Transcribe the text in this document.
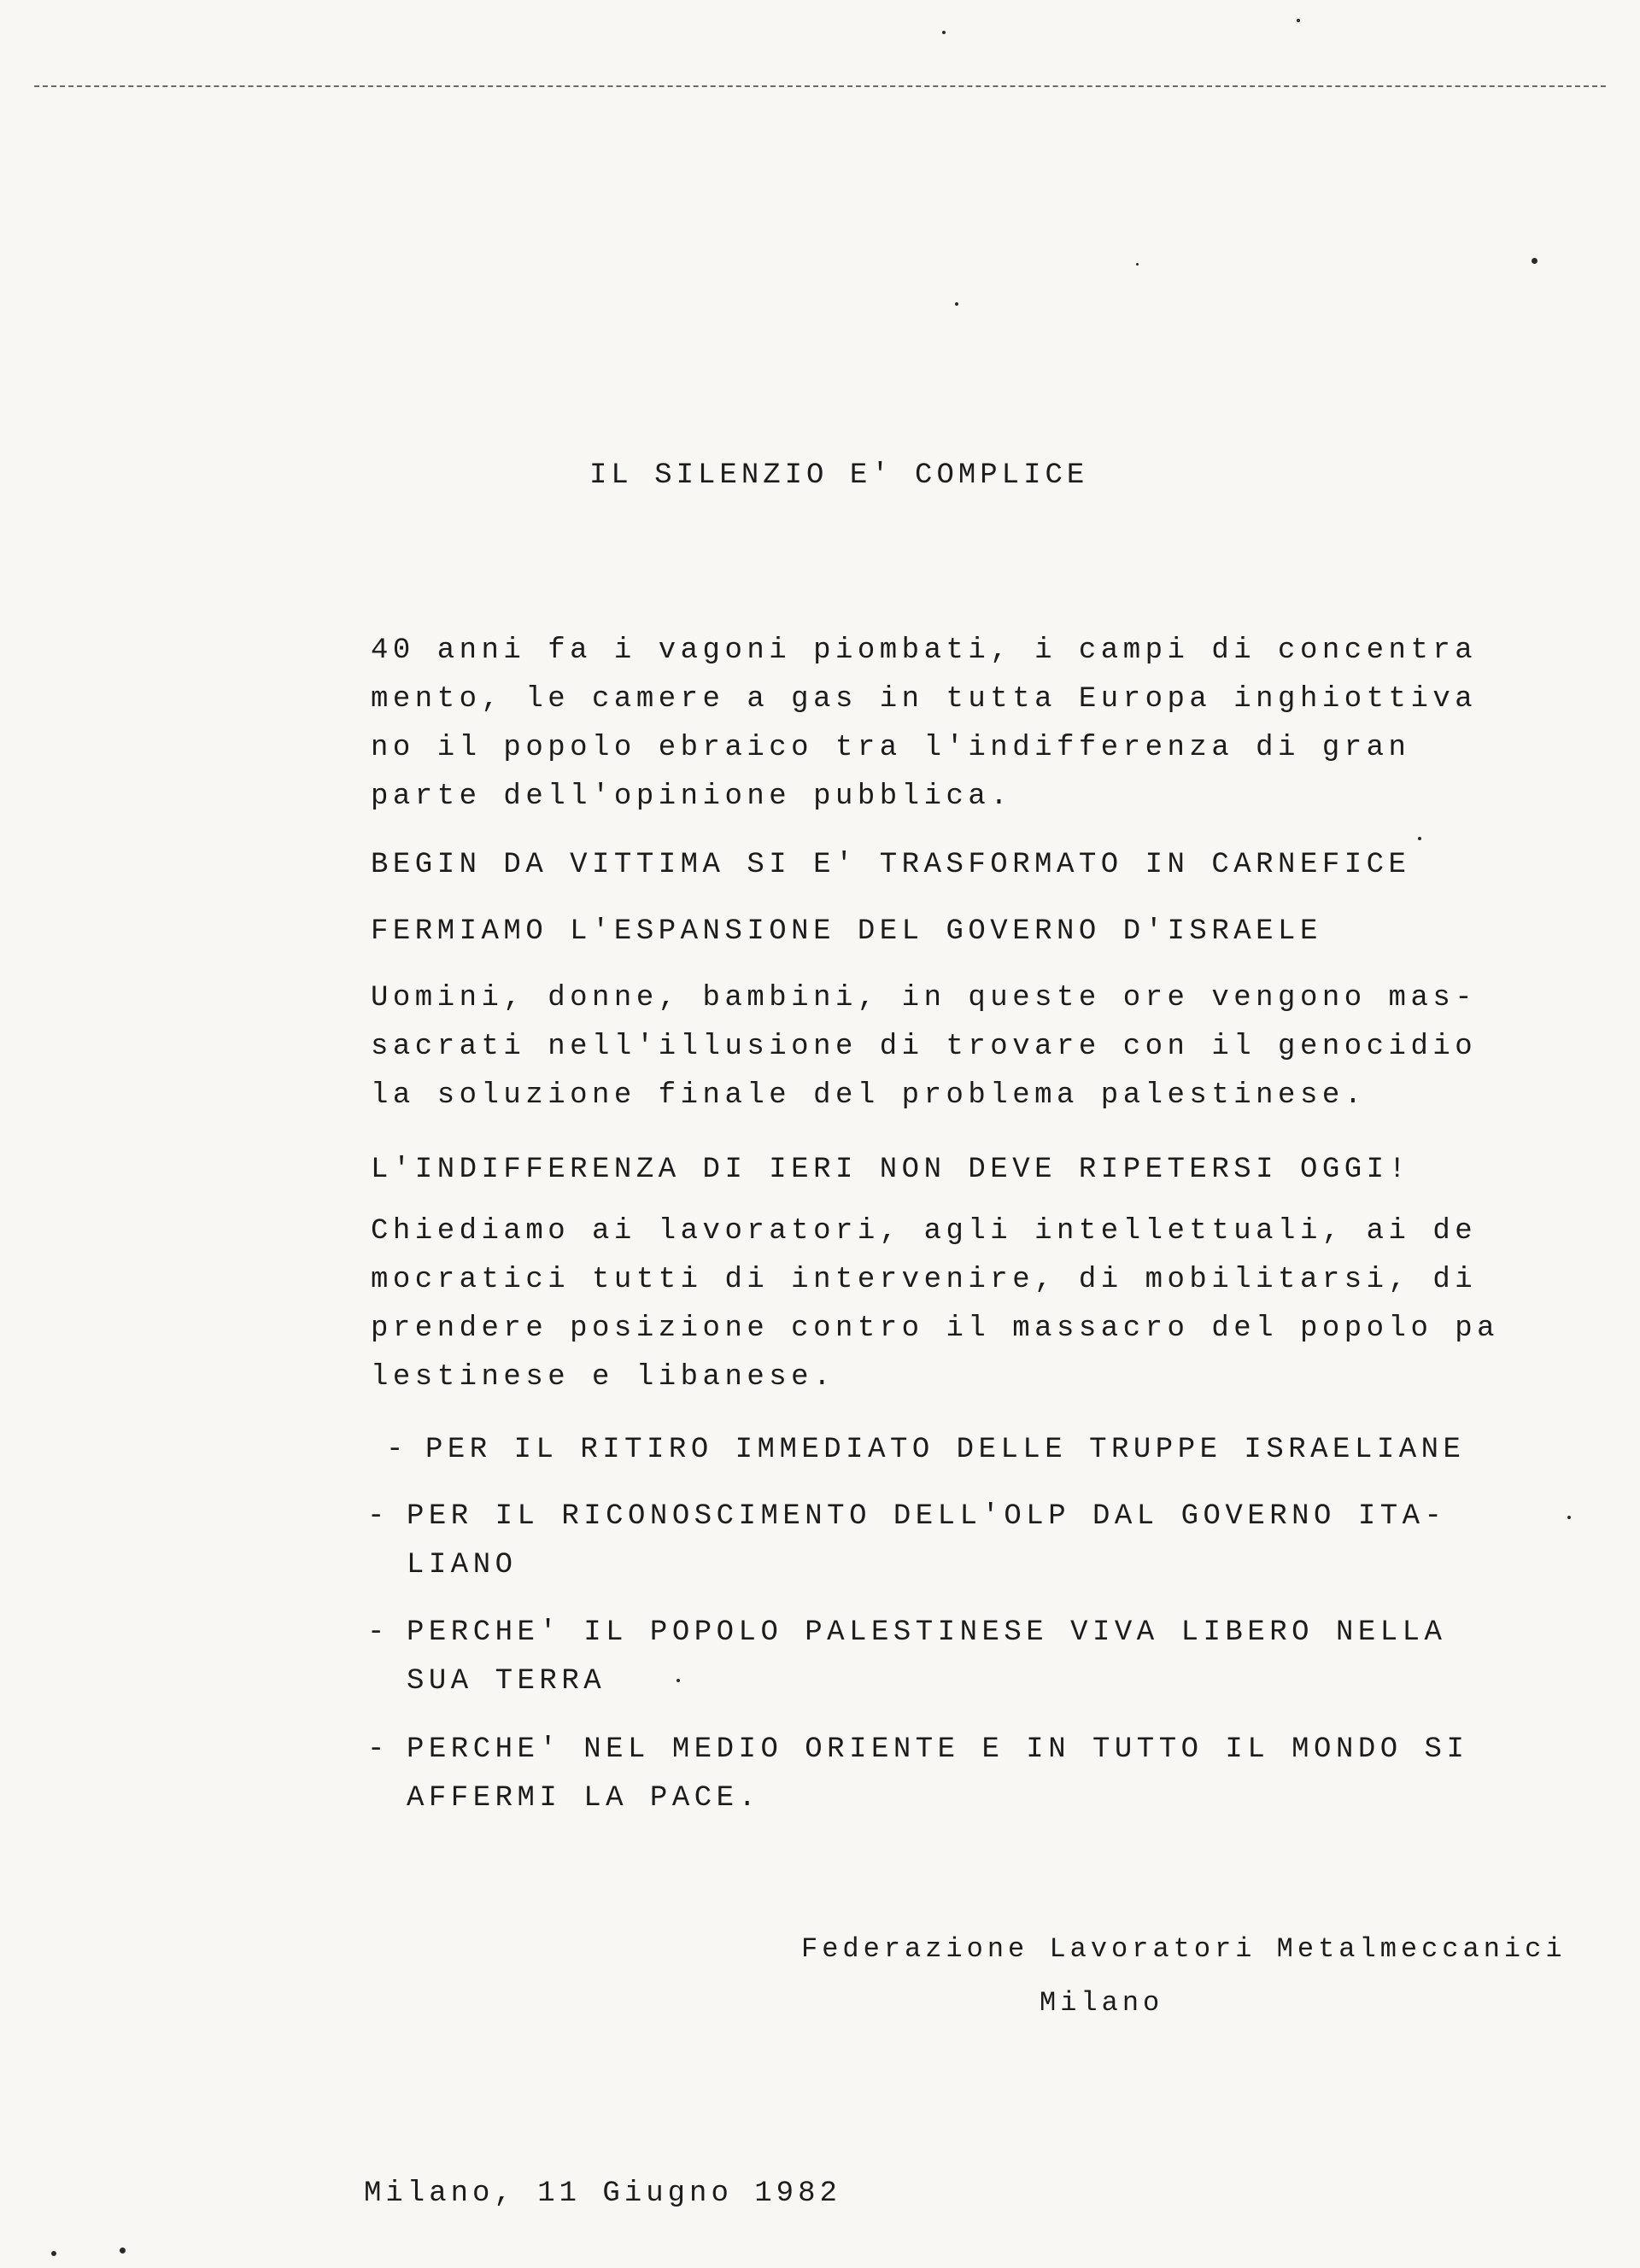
IL SILENZIO E' COMPLICE
40 anni fa i vagoni piombati, i campi di concentra
mento, le camere a gas in tutta Europa inghiottiva
no il popolo ebraico tra l'indifferenza di gran
parte dell'opinione pubblica.
BEGIN DA VITTIMA SI E' TRASFORMATO IN CARNEFICE
FERMIAMO L'ESPANSIONE DEL GOVERNO D'ISRAELE
Uomini, donne, bambini, in queste ore vengono mas-
sacrati nell'illusione di trovare con il genocidio
la soluzione finale del problema palestinese.
L'INDIFFERENZA DI IERI NON DEVE RIPETERSI OGGI!
Chiediamo ai lavoratori, agli intellettuali, ai de
mocratici tutti di intervenire, di mobilitarsi, di
prendere posizione contro il massacro del popolo pa
lestinese e libanese.
- PER IL RITIRO IMMEDIATO DELLE TRUPPE ISRAELIANE
- PER IL RICONOSCIMENTO DELL'OLP DAL GOVERNO ITA-
LIANO
- PERCHE' IL POPOLO PALESTINESE VIVA LIBERO NELLA
SUA TERRA
- PERCHE' NEL MEDIO ORIENTE E IN TUTTO IL MONDO SI
AFFERMI LA PACE.
Federazione Lavoratori Metalmeccanici
Milano
Milano, 11 Giugno 1982
